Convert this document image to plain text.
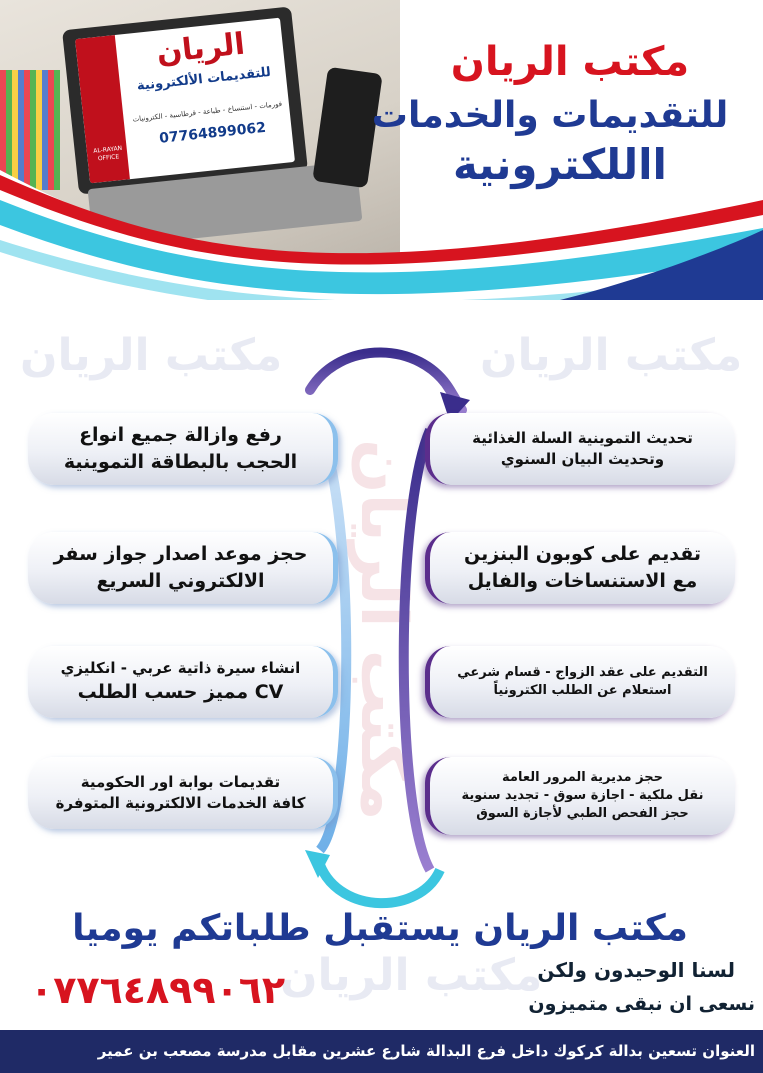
AL-RAYAN OFFICE
الريان
للتقديمات الألكترونية
فورمات - استنساخ - طباعة - قرطاسية - الكترونيات
07764899062
مكتب الريان
للتقديمات والخدمات
االلكترونية
مكتب الريان	مكتب الريان
مكتب الريان
مكتب الريان
رفع وازالة جميع انواع
الحجب بالبطاقة التموينية
حجز موعد اصدار جواز سفر
الالكتروني السريع
انشاء سيرة ذاتية عربي - انكليزي
مميز حسب الطلب CV
تقديمات بوابة اور الحكومية
كافة الخدمات الالكترونية المتوفرة
تحديث التموينية السلة الغذائية
وتحديث البيان السنوي
تقديم على كوبون البنزين
مع الاستنساخات والفايل
التقديم على عقد الزواج - قسام شرعي
استعلام عن الطلب الكترونياً
حجز مديرية المرور العامة
نقل ملكية - اجازة سوق - تجديد سنوية
حجز الفحص الطبي لأجازة السوق
مكتب الريان يستقبل طلباتكم يوميا
٠٧٧٦٤٨٩٩٠٦٢	لسنا الوحيدون ولكن
نسعى ان نبقى متميزون
العنوان تسعين بدالة كركوك داخل فرع البدالة شارع عشرين مقابل مدرسة مصعب بن عمير
